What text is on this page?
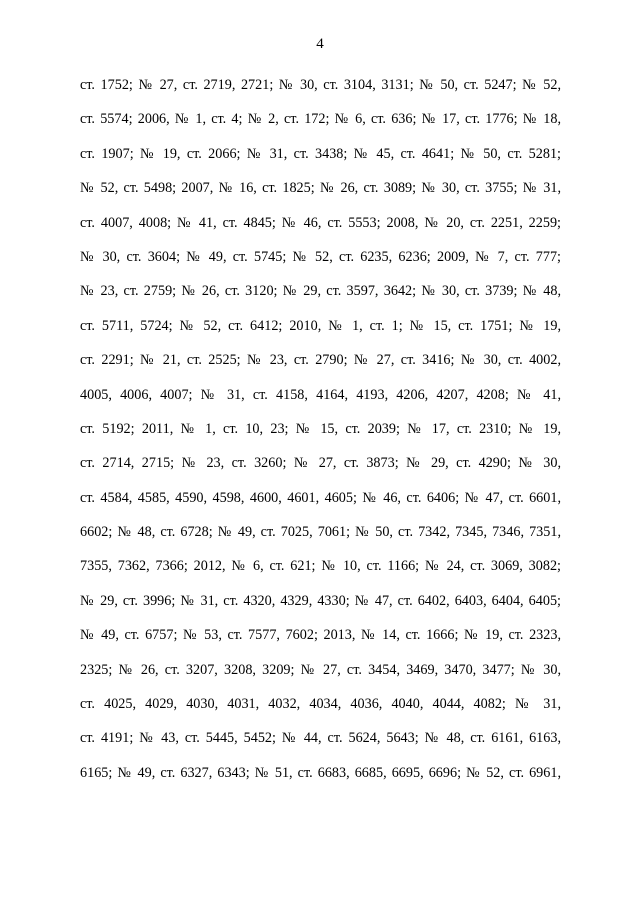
4
ст. 1752; № 27, ст. 2719, 2721; № 30, ст. 3104, 3131; № 50, ст. 5247; № 52,
ст. 5574; 2006, № 1, ст. 4; № 2, ст. 172; № 6, ст. 636; № 17, ст. 1776; № 18,
ст. 1907; № 19, ст. 2066; № 31, ст. 3438; № 45, ст. 4641; № 50, ст. 5281;
№ 52, ст. 5498; 2007, № 16, ст. 1825; № 26, ст. 3089; № 30, ст. 3755; № 31,
ст. 4007, 4008; № 41, ст. 4845; № 46, ст. 5553; 2008, № 20, ст. 2251, 2259;
№ 30, ст. 3604; № 49, ст. 5745; № 52, ст. 6235, 6236; 2009, № 7, ст. 777;
№ 23, ст. 2759; № 26, ст. 3120; № 29, ст. 3597, 3642; № 30, ст. 3739; № 48,
ст. 5711, 5724; № 52, ст. 6412; 2010, № 1, ст. 1; № 15, ст. 1751; № 19,
ст. 2291; № 21, ст. 2525; № 23, ст. 2790; № 27, ст. 3416; № 30, ст. 4002,
4005, 4006, 4007; № 31, ст. 4158, 4164, 4193, 4206, 4207, 4208; № 41,
ст. 5192; 2011, № 1, ст. 10, 23; № 15, ст. 2039; № 17, ст. 2310; № 19,
ст. 2714, 2715; № 23, ст. 3260; № 27, ст. 3873; № 29, ст. 4290; № 30,
ст. 4584, 4585, 4590, 4598, 4600, 4601, 4605; № 46, ст. 6406; № 47, ст. 6601,
6602; № 48, ст. 6728; № 49, ст. 7025, 7061; № 50, ст. 7342, 7345, 7346, 7351,
7355, 7362, 7366; 2012, № 6, ст. 621; № 10, ст. 1166; № 24, ст. 3069, 3082;
№ 29, ст. 3996; № 31, ст. 4320, 4329, 4330; № 47, ст. 6402, 6403, 6404, 6405;
№ 49, ст. 6757; № 53, ст. 7577, 7602; 2013, № 14, ст. 1666; № 19, ст. 2323,
2325; № 26, ст. 3207, 3208, 3209; № 27, ст. 3454, 3469, 3470, 3477; № 30,
ст. 4025, 4029, 4030, 4031, 4032, 4034, 4036, 4040, 4044, 4082; № 31,
ст. 4191; № 43, ст. 5445, 5452; № 44, ст. 5624, 5643; № 48, ст. 6161, 6163,
6165; № 49, ст. 6327, 6343; № 51, ст. 6683, 6685, 6695, 6696; № 52, ст. 6961,
